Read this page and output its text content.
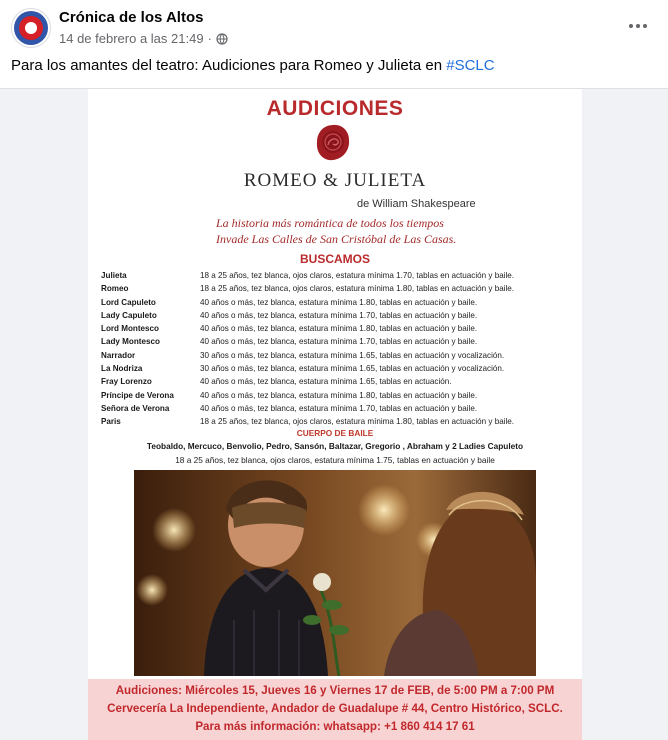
Crónica de los Altos
14 de febrero a las 21:49 ·
Para los amantes del teatro: Audiciones para Romeo y Julieta en #SCLC
AUDICIONES
ROMEO & JULIETA
de William Shakespeare
La historia más romántica de todos los tiempos
Invade Las Calles de San Cristóbal de Las Casas.
BUSCAMOS
Julieta	18 a 25 años, tez blanca, ojos claros, estatura mínima 1.70, tablas en actuación y baile.
Romeo	18 a 25 años, tez blanca, ojos claros, estatura mínima 1.80, tablas en actuación y baile.
Lord Capuleto	40 años o más, tez blanca, estatura mínima 1.80, tablas en actuación y baile.
Lady Capuleto	40 años o más, tez blanca, estatura mínima 1.70, tablas en actuación y baile.
Lord Montesco	40 años o más, tez blanca, estatura mínima 1.80, tablas en actuación y baile.
Lady Montesco	40 años o más, tez blanca, estatura mínima 1.70, tablas en actuación y baile.
Narrador	30 años o más, tez blanca, estatura mínima 1.65, tablas en actuación y vocalización.
La Nodriza	30 años o más, tez blanca, estatura mínima 1.65, tablas en actuación y vocalización.
Fray Lorenzo	40 años o más, tez blanca, estatura mínima 1.65, tablas en actuación.
Príncipe de Verona	40 años o más, tez blanca, estatura mínima 1.80, tablas en actuación y baile.
Señora de Verona	40 años o más, tez blanca, estatura mínima 1.70, tablas en actuación y baile.
Paris	18 a 25 años, tez blanca, ojos claros, estatura mínima 1.80, tablas en actuación y baile.
CUERPO DE BAILE
Teobaldo, Mercuco, Benvolio, Pedro, Sansón, Baltazar, Gregorio , Abraham y 2 Ladies Capuleto
18 a 25 años, tez blanca, ojos claros, estatura mínima 1.75, tablas en actuación y baile
Audiciones: Miércoles 15, Jueves 16 y Viernes 17 de FEB, de 5:00 PM a 7:00 PM
Cervecería La Independiente, Andador de Guadalupe # 44, Centro Histórico, SCLC.
Para más información: whatsapp: +1 860 414 17 61
